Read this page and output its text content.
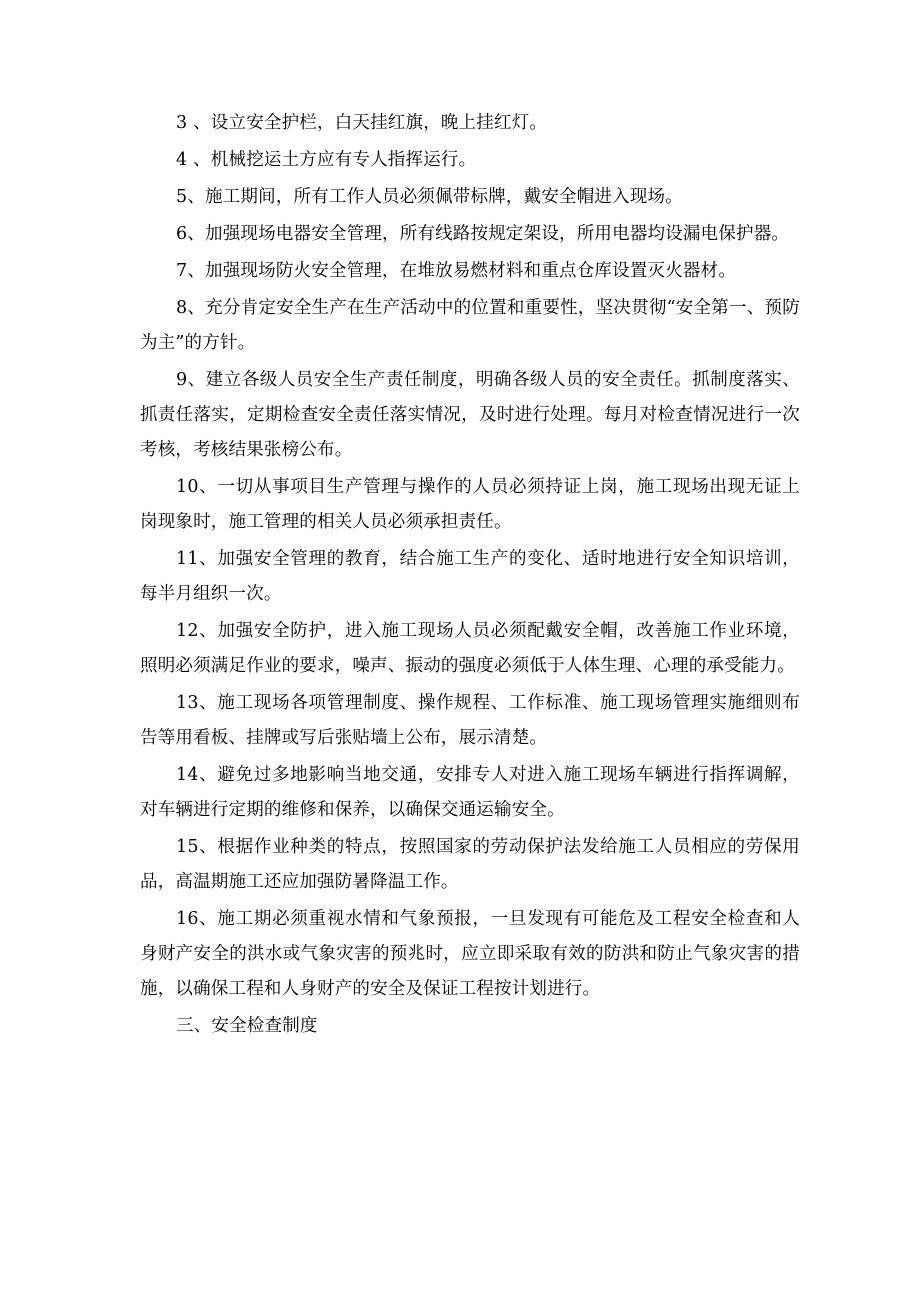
3 、设立安全护栏，白天挂红旗，晚上挂红灯。

4 、机械挖运土方应有专人指挥运行。

5、施工期间，所有工作人员必须佩带标牌，戴安全帽进入现场。

6、加强现场电器安全管理，所有线路按规定架设，所用电器均设漏电保护器。

7、加强现场防火安全管理，在堆放易燃材料和重点仓库设置灭火器材。

8、充分肯定安全生产在生产活动中的位置和重要性，坚决贯彻“安全第一、预防为主”的方针。

9、建立各级人员安全生产责任制度，明确各级人员的安全责任。抓制度落实、抓责任落实，定期检查安全责任落实情况，及时进行处理。每月对检查情况进行一次考核，考核结果张榜公布。

10、一切从事项目生产管理与操作的人员必须持证上岗，施工现场出现无证上岗现象时，施工管理的相关人员必须承担责任。

11、加强安全管理的教育，结合施工生产的变化、适时地进行安全知识培训，每半月组织一次。

12、加强安全防护，进入施工现场人员必须配戴安全帽，改善施工作业环境，照明必须满足作业的要求，噪声、振动的强度必须低于人体生理、心理的承受能力。

13、施工现场各项管理制度、操作规程、工作标准、施工现场管理实施细则布告等用看板、挂牌或写后张贴墙上公布，展示清楚。

14、避免过多地影响当地交通，安排专人对进入施工现场车辆进行指挥调解，对车辆进行定期的维修和保养，以确保交通运输安全。

15、根据作业种类的特点，按照国家的劳动保护法发给施工人员相应的劳保用品，高温期施工还应加强防暑降温工作。

16、施工期必须重视水情和气象预报，一旦发现有可能危及工程安全检查和人身财产安全的洪水或气象灾害的预兆时，应立即采取有效的防洪和防止气象灾害的措施，以确保工程和人身财产的安全及保证工程按计划进行。

三、安全检查制度
